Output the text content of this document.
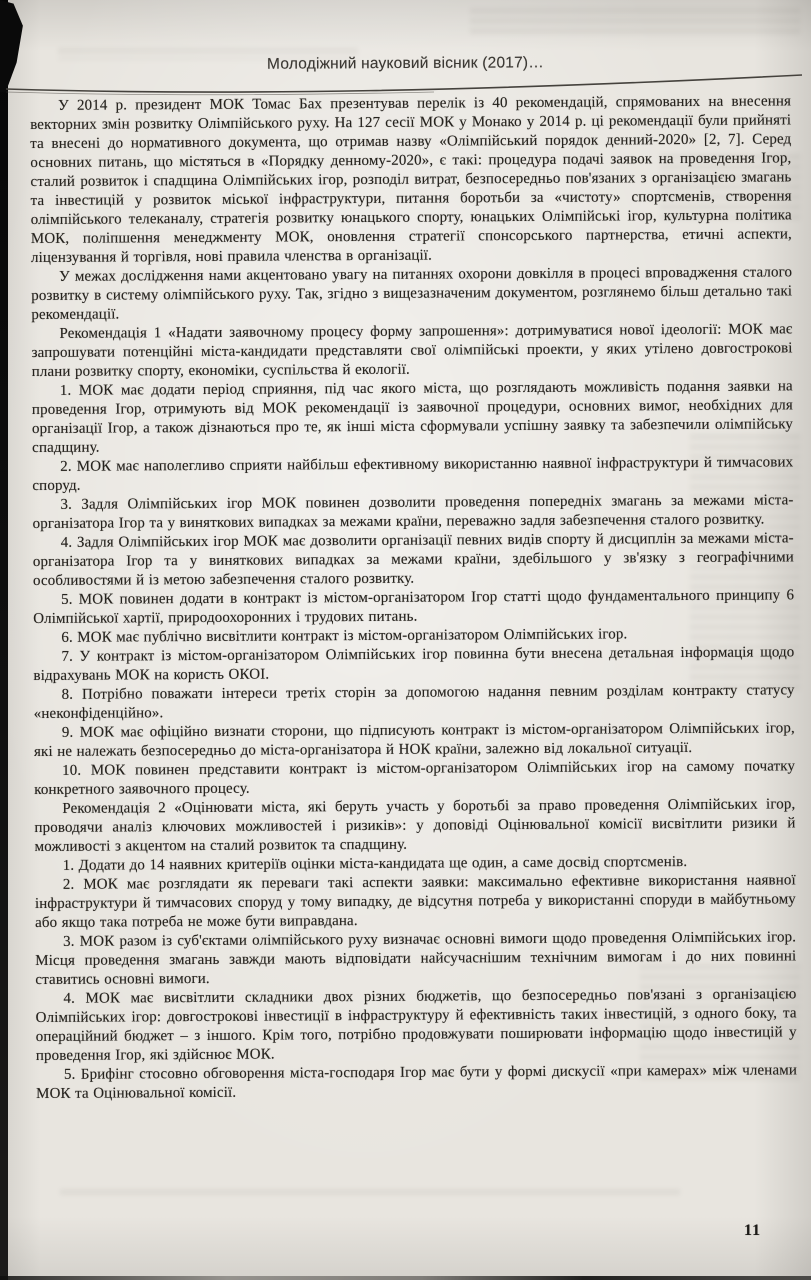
Молодіжний науковий вісник (2017)…

У 2014 р. президент МОК Томас Бах презентував перелік із 40 рекомендацій, спрямованих на внесення векторних змін розвитку Олімпійського руху. На 127 сесії МОК у Монако у 2014 р. ці рекомендації були прийняті та внесені до нормативного документа, що отримав назву «Олімпійський порядок денний-2020» [2, 7]. Серед основних питань, що містяться в «Порядку денному-2020», є такі: процедура подачі заявок на проведення Ігор, сталий розвиток і спадщина Олімпійських ігор, розподіл витрат, безпосередньо пов'язаних з організацією змагань та інвестицій у розвиток міської інфраструктури, питання боротьби за «чистоту» спортсменів, створення олімпійського телеканалу, стратегія розвитку юнацького спорту, юнацьких Олімпійські ігор, культурна політика МОК, поліпшення менеджменту МОК, оновлення стратегії спонсорського партнерства, етичні аспекти, ліцензування й торгівля, нові правила членства в організації.

У межах дослідження нами акцентовано увагу на питаннях охорони довкілля в процесі впровадження сталого розвитку в систему олімпійського руху. Так, згідно з вищезазначеним документом, розглянемо більш детально такі рекомендації.

Рекомендація 1 «Надати заявочному процесу форму запрошення»: дотримуватися нової ідеології: МОК має запрошувати потенційні міста-кандидати представляти свої олімпійські проекти, у яких утілено довгострокові плани розвитку спорту, економіки, суспільства й екології.

1. МОК має додати період сприяння, під час якого міста, що розглядають можливість подання заявки на проведення Ігор, отримують від МОК рекомендації із заявочної процедури, основних вимог, необхідних для організації Ігор, а також дізнаються про те, як інші міста сформували успішну заявку та забезпечили олімпійську спадщину.

2. МОК має наполегливо сприяти найбільш ефективному використанню наявної інфраструктури й тимчасових споруд.

3. Задля Олімпійських ігор МОК повинен дозволити проведення попередніх змагань за межами міста-організатора Ігор та у виняткових випадках за межами країни, переважно задля забезпечення сталого розвитку.

4. Задля Олімпійських ігор МОК має дозволити організації певних видів спорту й дисциплін за межами міста-організатора Ігор та у виняткових випадках за межами країни, здебільшого у зв'язку з географічними особливостями й із метою забезпечення сталого розвитку.

5. МОК повинен додати в контракт із містом-організатором Ігор статті щодо фундаментального принципу 6 Олімпійської хартії, природоохоронних і трудових питань.

6. МОК має публічно висвітлити контракт із містом-організатором Олімпійських ігор.

7. У контракт із містом-організатором Олімпійських ігор повинна бути внесена детальная інформація щодо відрахувань МОК на користь ОКОІ.

8. Потрібно поважати інтереси третіх сторін за допомогою надання певним розділам контракту статусу «неконфіденційно».

9. МОК має офіційно визнати сторони, що підписують контракт із містом-організатором Олімпійських ігор, які не належать безпосередньо до міста-організатора й НОК країни, залежно від локальної ситуації.

10. МОК повинен представити контракт із містом-організатором Олімпійських ігор на самому початку конкретного заявочного процесу.

Рекомендація 2 «Оцінювати міста, які беруть участь у боротьбі за право проведення Олімпійських ігор, проводячи аналіз ключових можливостей і ризиків»: у доповіді Оцінювальної комісії висвітлити ризики й можливості з акцентом на сталий розвиток та спадщину.

1. Додати до 14 наявних критеріїв оцінки міста-кандидата ще один, а саме досвід спортсменів.

2. МОК має розглядати як переваги такі аспекти заявки: максимально ефективне використання наявної інфраструктури й тимчасових споруд у тому випадку, де відсутня потреба у використанні споруди в майбутньому або якщо така потреба не може бути виправдана.

3. МОК разом із суб'єктами олімпійського руху визначає основні вимоги щодо проведення Олімпійських ігор. Місця проведення змагань завжди мають відповідати найсучаснішим технічним вимогам і до них повинні ставитись основні вимоги.

4. МОК має висвітлити складники двох різних бюджетів, що безпосередньо пов'язані з організацією Олімпійських ігор: довгострокові інвестиції в інфраструктуру й ефективність таких інвестицій, з одного боку, та операційний бюджет – з іншого. Крім того, потрібно продовжувати поширювати інформацію щодо інвестицій у проведення Ігор, які здійснює МОК.

5. Брифінг стосовно обговорення міста-господаря Ігор має бути у формі дискусії «при камерах» між членами МОК та Оцінювальної комісії.

11
